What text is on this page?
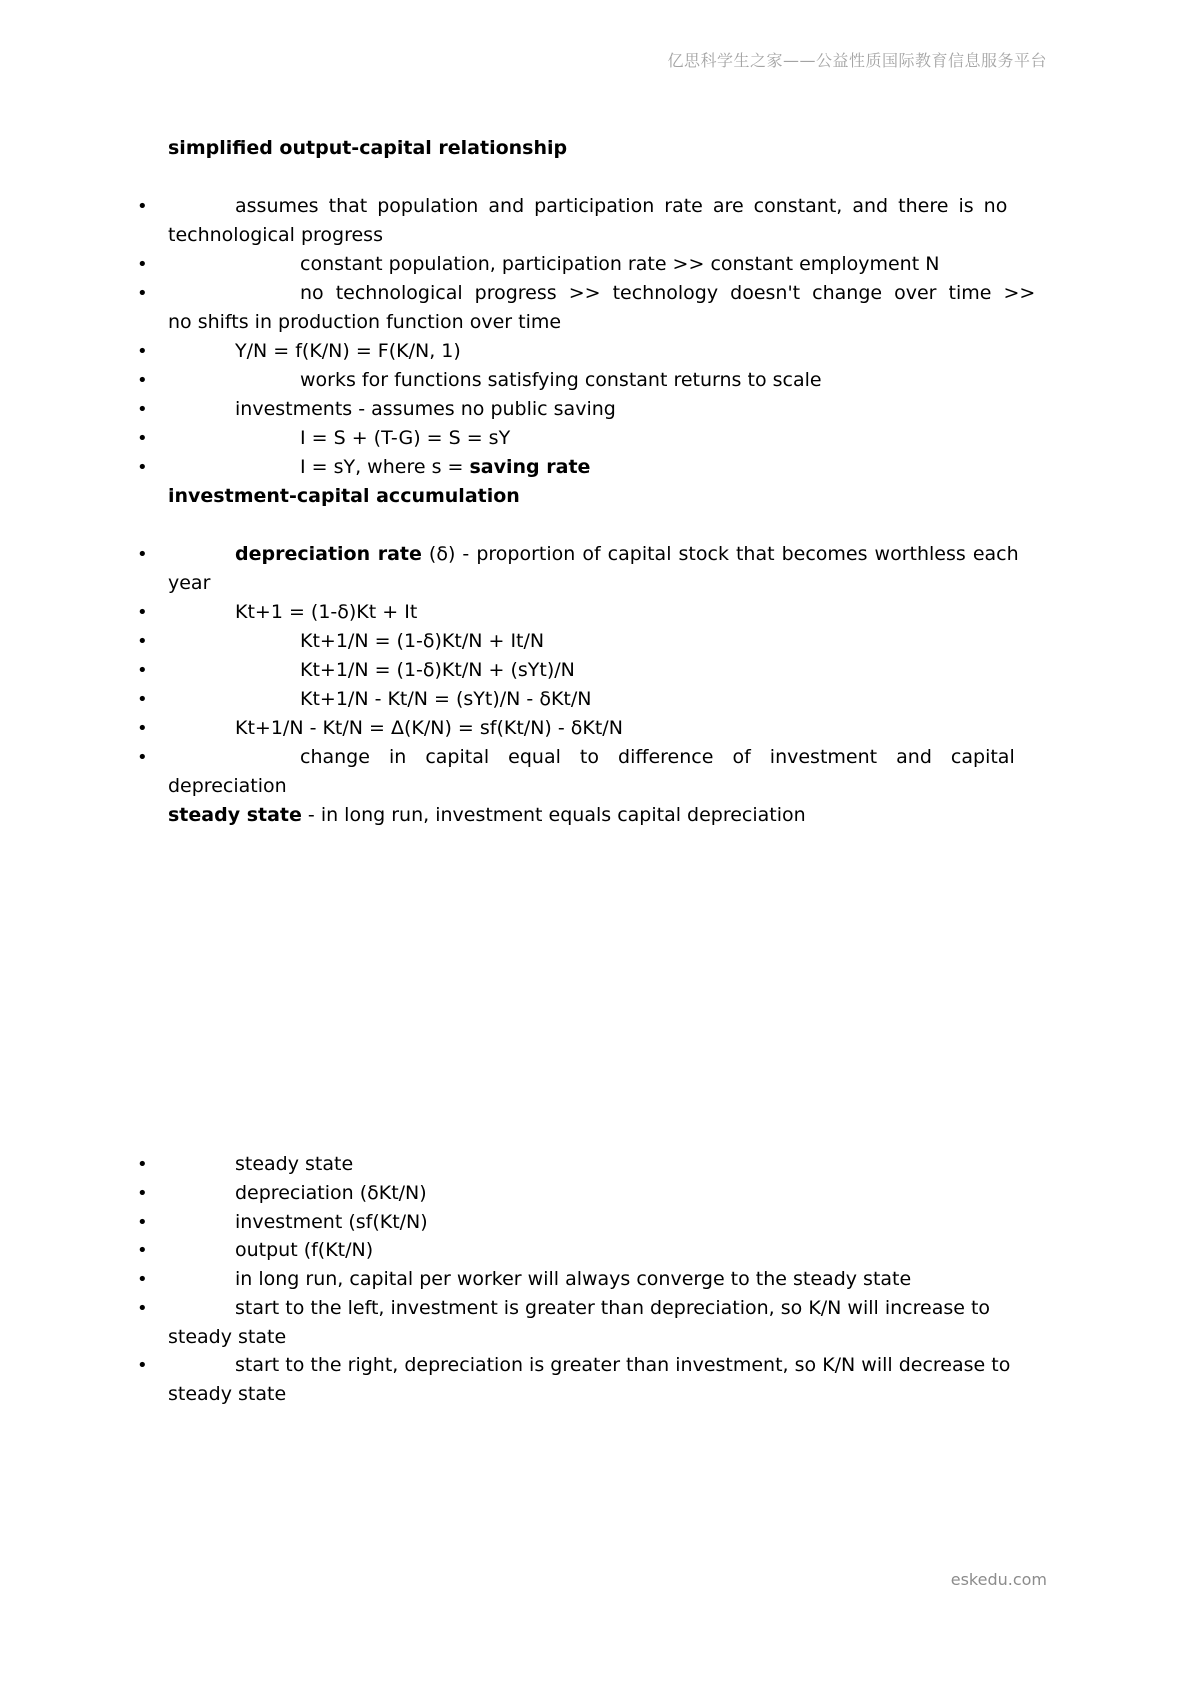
亿思科学生之家——公益性质国际教育信息服务平台
simplified output-capital relationship
•	assumes that population and participation rate are constant, and there is no
technological progress
•	constant population, participation rate >> constant employment N
•	no technological progress >> technology doesn't change over time >>
no shifts in production function over time
•	Y/N = f(K/N) = F(K/N, 1)
•	works for functions satisfying constant returns to scale
•	investments - assumes no public saving
•	I = S + (T-G) = S = sY
•	I = sY, where s = saving rate
investment-capital accumulation
•	depreciation rate (δ) - proportion of capital stock that becomes worthless each
year
•	Kt+1 = (1-δ)Kt + It
•	Kt+1/N = (1-δ)Kt/N + It/N
•	Kt+1/N = (1-δ)Kt/N + (sYt)/N
•	Kt+1/N - Kt/N = (sYt)/N - δKt/N
•	Kt+1/N - Kt/N = Δ(K/N) = sf(Kt/N) - δKt/N
•	change in capital equal to difference of investment and capital
depreciation
steady state - in long run, investment equals capital depreciation
•	steady state
•	depreciation (δKt/N)
•	investment (sf(Kt/N)
•	output (f(Kt/N)
•	in long run, capital per worker will always converge to the steady state
•	start to the left, investment is greater than depreciation, so K/N will increase to
steady state
•	start to the right, depreciation is greater than investment, so K/N will decrease to
steady state
eskedu.com
